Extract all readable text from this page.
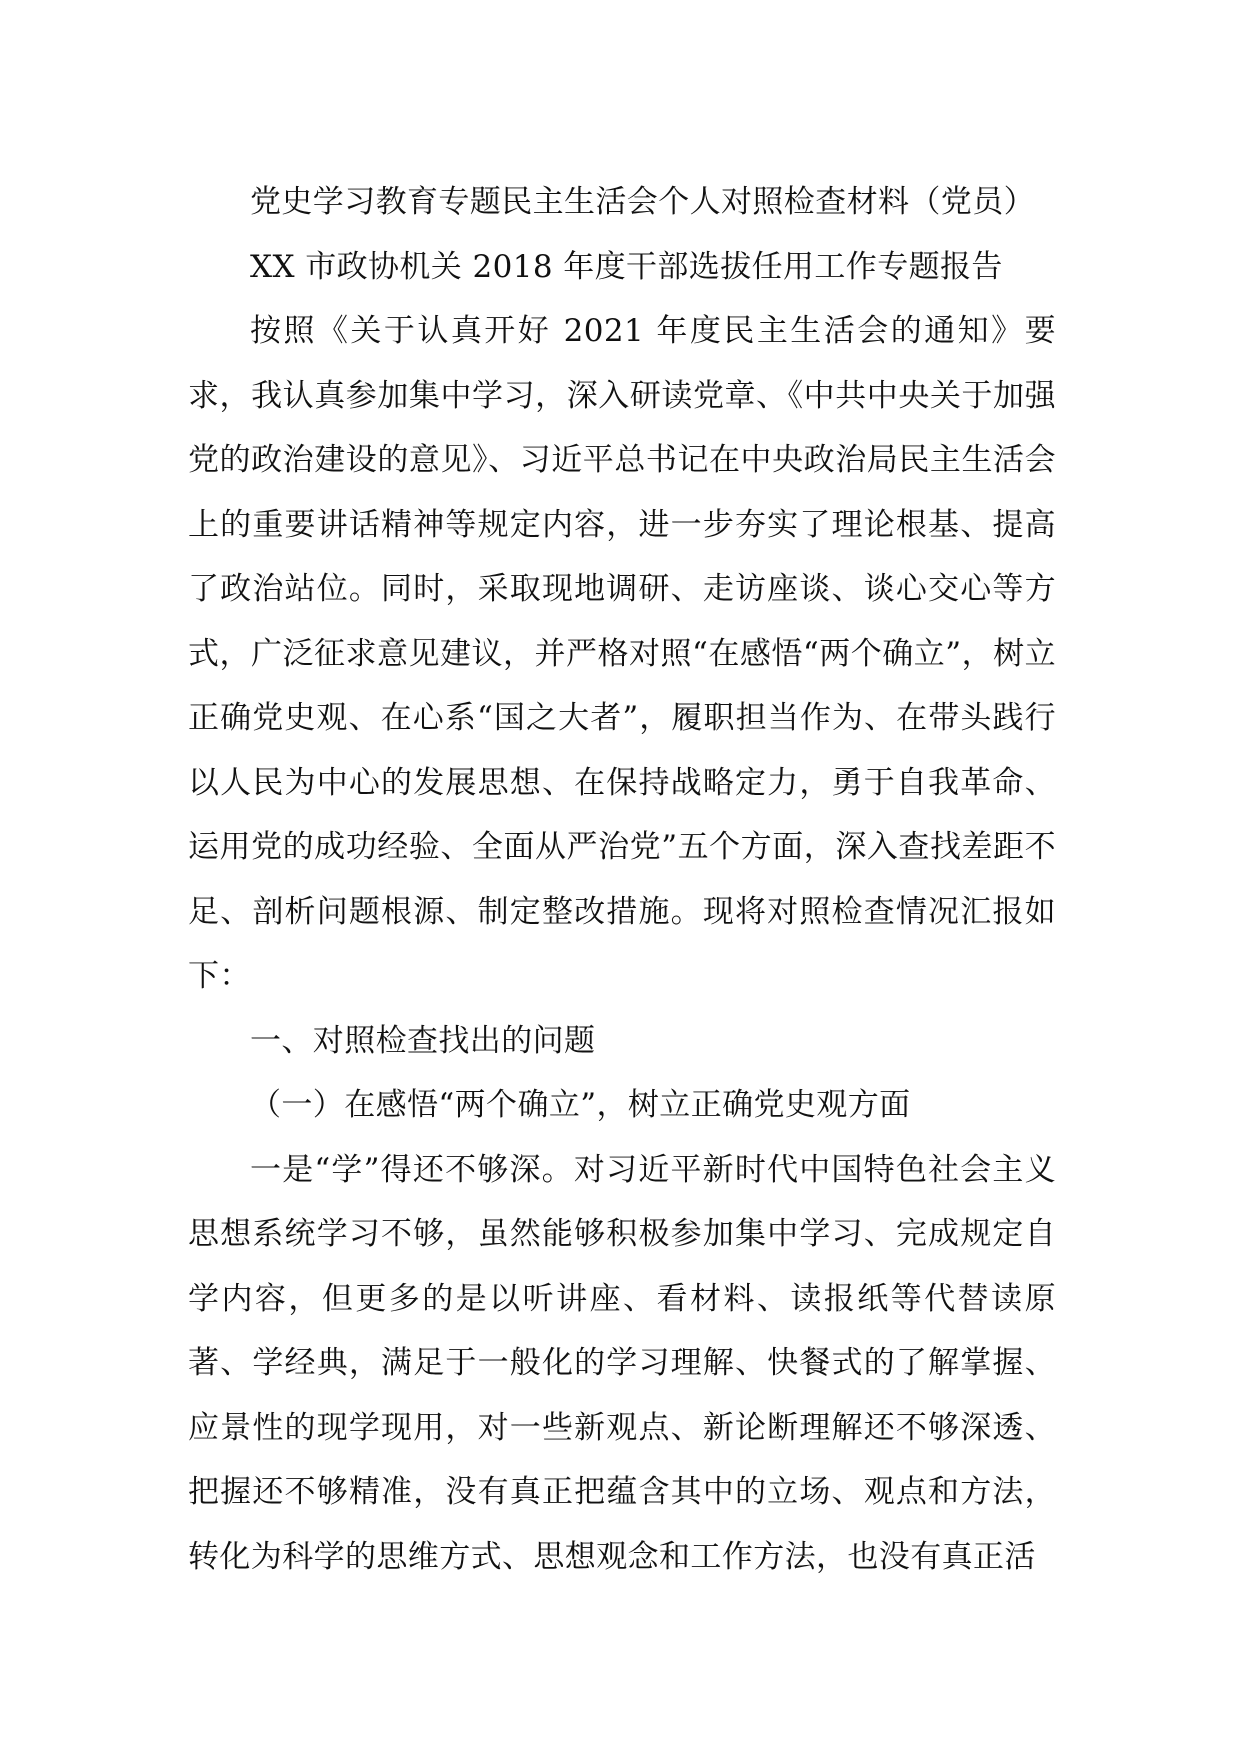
党史学习教育专题民主生活会个人对照检查材料（党员）

XX 市政协机关 2018 年度干部选拔任用工作专题报告

按照《关于认真开好 2021 年度民主生活会的通知》要求，我认真参加集中学习，深入研读党章、《中共中央关于加强党的政治建设的意见》、习近平总书记在中央政治局民主生活会上的重要讲话精神等规定内容，进一步夯实了理论根基、提高了政治站位。同时，采取现地调研、走访座谈、谈心交心等方式，广泛征求意见建议，并严格对照“在感悟“两个确立”，树立正确党史观、在心系“国之大者”，履职担当作为、在带头践行以人民为中心的发展思想、在保持战略定力，勇于自我革命、运用党的成功经验、全面从严治党”五个方面，深入查找差距不足、剖析问题根源、制定整改措施。现将对照检查情况汇报如下：

一、对照检查找出的问题

（一）在感悟“两个确立”，树立正确党史观方面

一是“学”得还不够深。对习近平新时代中国特色社会主义思想系统学习不够，虽然能够积极参加集中学习、完成规定自学内容，但更多的是以听讲座、看材料、读报纸等代替读原著、学经典，满足于一般化的学习理解、快餐式的了解掌握、应景性的现学现用，对一些新观点、新论断理解还不够深透、把握还不够精准，没有真正把蕴含其中的立场、观点和方法，转化为科学的思维方式、思想观念和工作方法，也没有真正活
